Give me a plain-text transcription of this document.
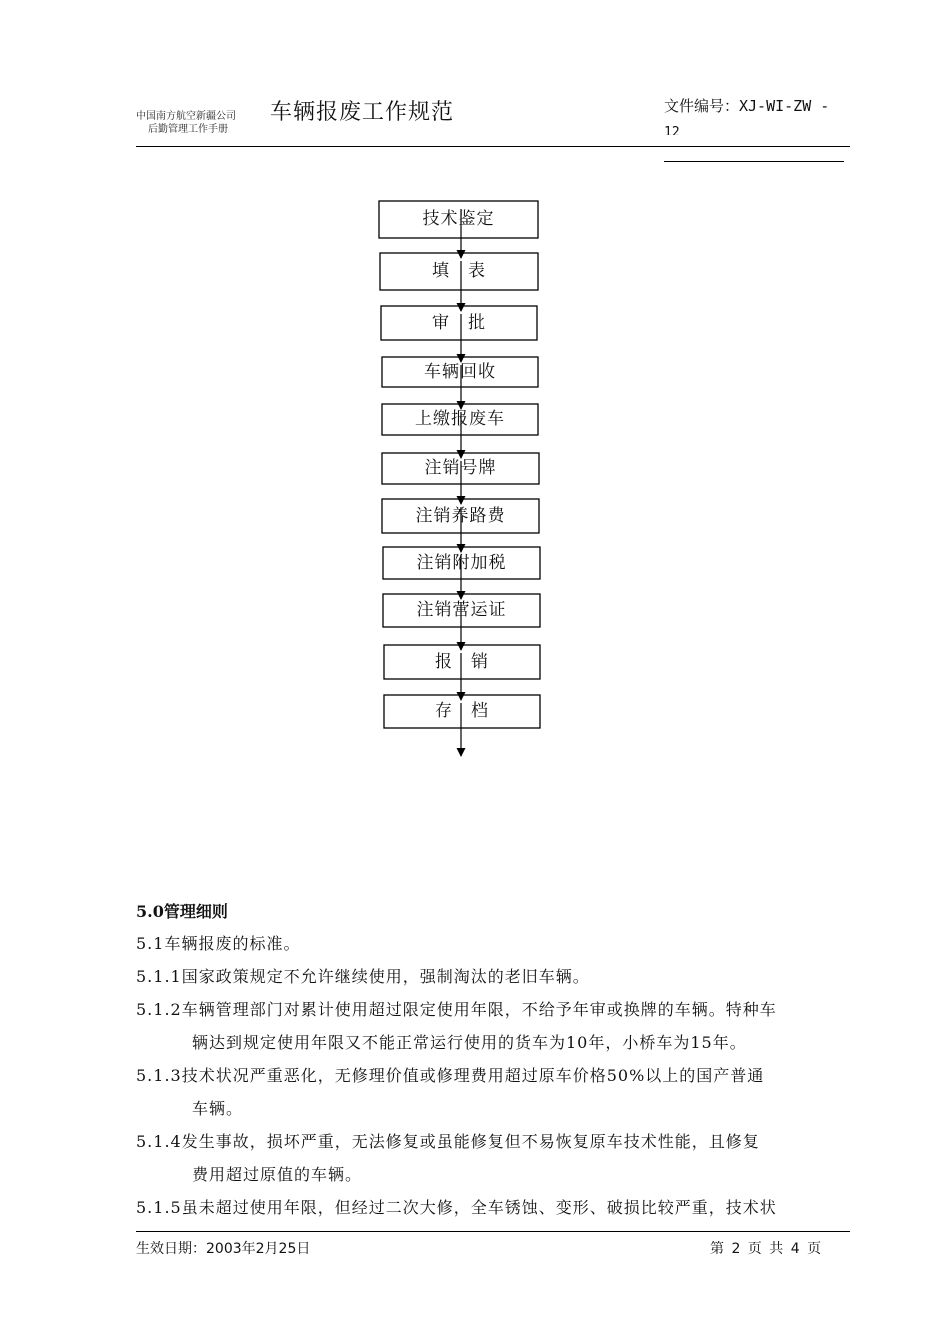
中国南方航空新疆公司
后勤管理工作手册
车辆报废工作规范	文件编号：XJ-WI-ZW -
12
技术鉴定
填　表
审　批
车辆回收
上缴报废车
注销号牌
注销养路费
注销附加税
注销营运证
报　销
存　档
5.0管理细则
5.1车辆报废的标准。
5.1.1国家政策规定不允许继续使用，强制淘汰的老旧车辆。
5.1.2车辆管理部门对累计使用超过限定使用年限，不给予年审或换牌的车辆。特种车
辆达到规定使用年限又不能正常运行使用的货车为10年，小桥车为15年。
5.1.3技术状况严重恶化，无修理价值或修理费用超过原车价格50%以上的国产普通
车辆。
5.1.4发生事故，损坏严重，无法修复或虽能修复但不易恢复原车技术性能，且修复
费用超过原值的车辆。
5.1.5虽未超过使用年限，但经过二次大修，全车锈蚀、变形、破损比较严重，技术状
生效日期：2003年2月25日	第 2 页 共 4 页
